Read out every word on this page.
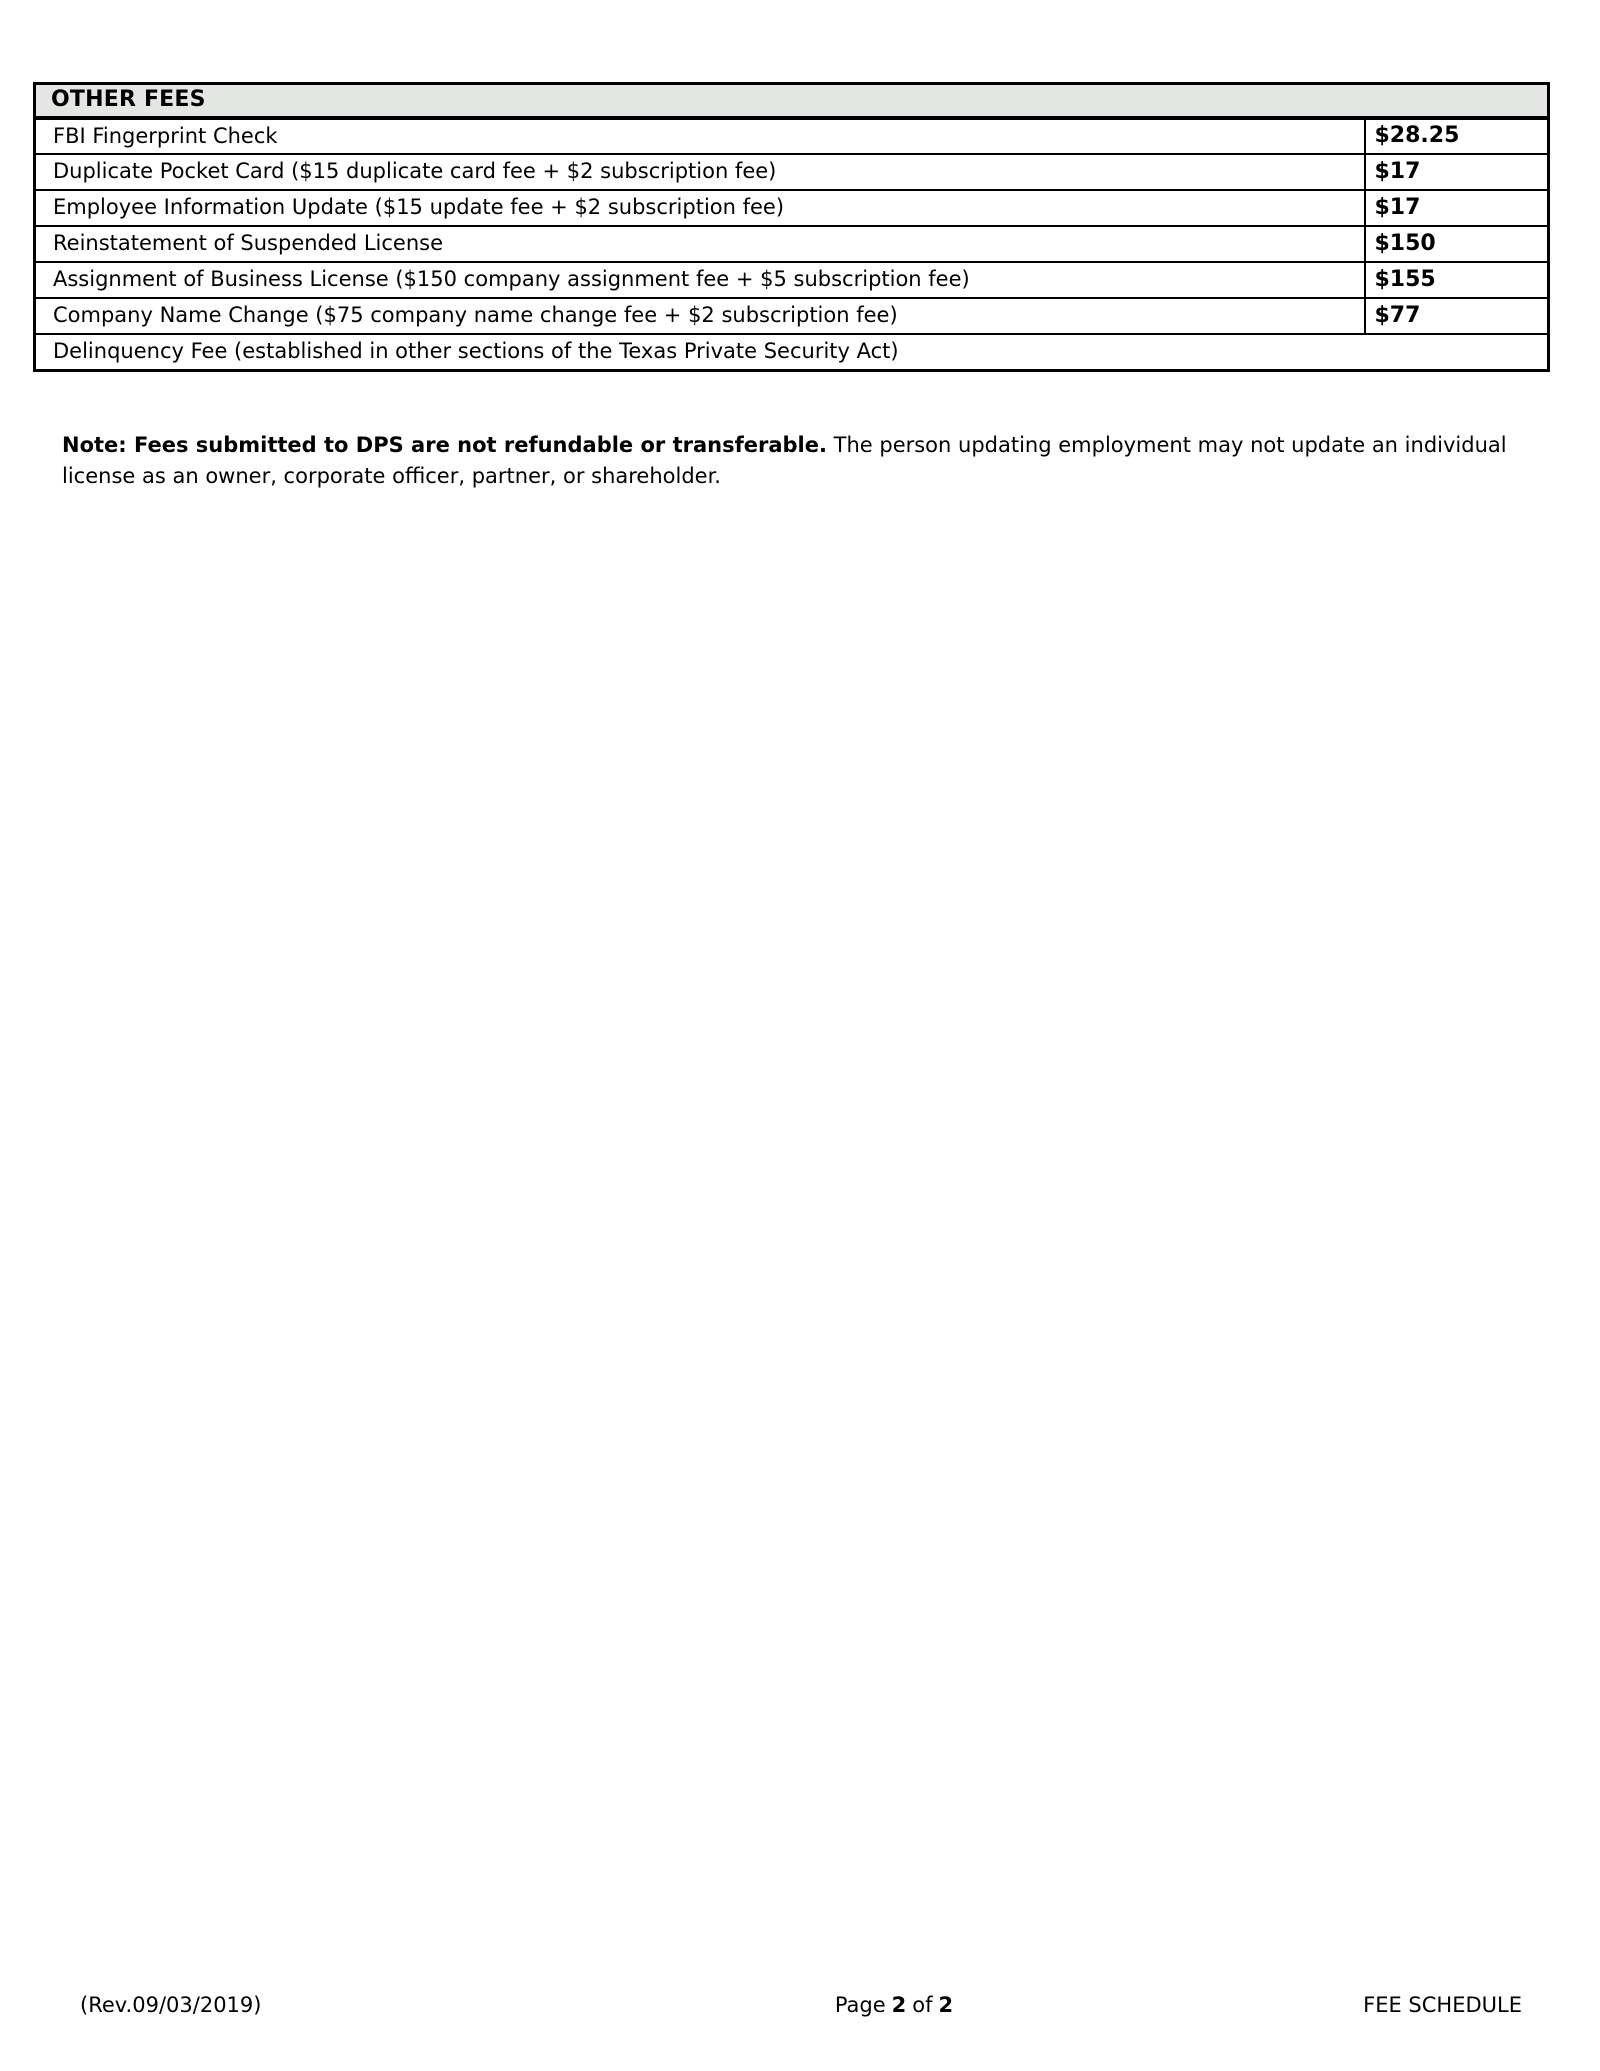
OTHER FEES	
FBI Fingerprint Check	$28.25
Duplicate Pocket Card ($15 duplicate card fee + $2 subscription fee)	$17
Employee Information Update ($15 update fee + $2 subscription fee)	$17
Reinstatement of Suspended License	$150
Assignment of Business License ($150 company assignment fee + $5 subscription fee)	$155
Company Name Change ($75 company name change fee + $2 subscription fee)	$77
Delinquency Fee (established in other sections of the Texas Private Security Act)	

Note: Fees submitted to DPS are not refundable or transferable. The person updating employment may not update an individual license as an owner, corporate officer, partner, or shareholder.

(Rev.09/03/2019)	Page 2 of 2	FEE SCHEDULE
